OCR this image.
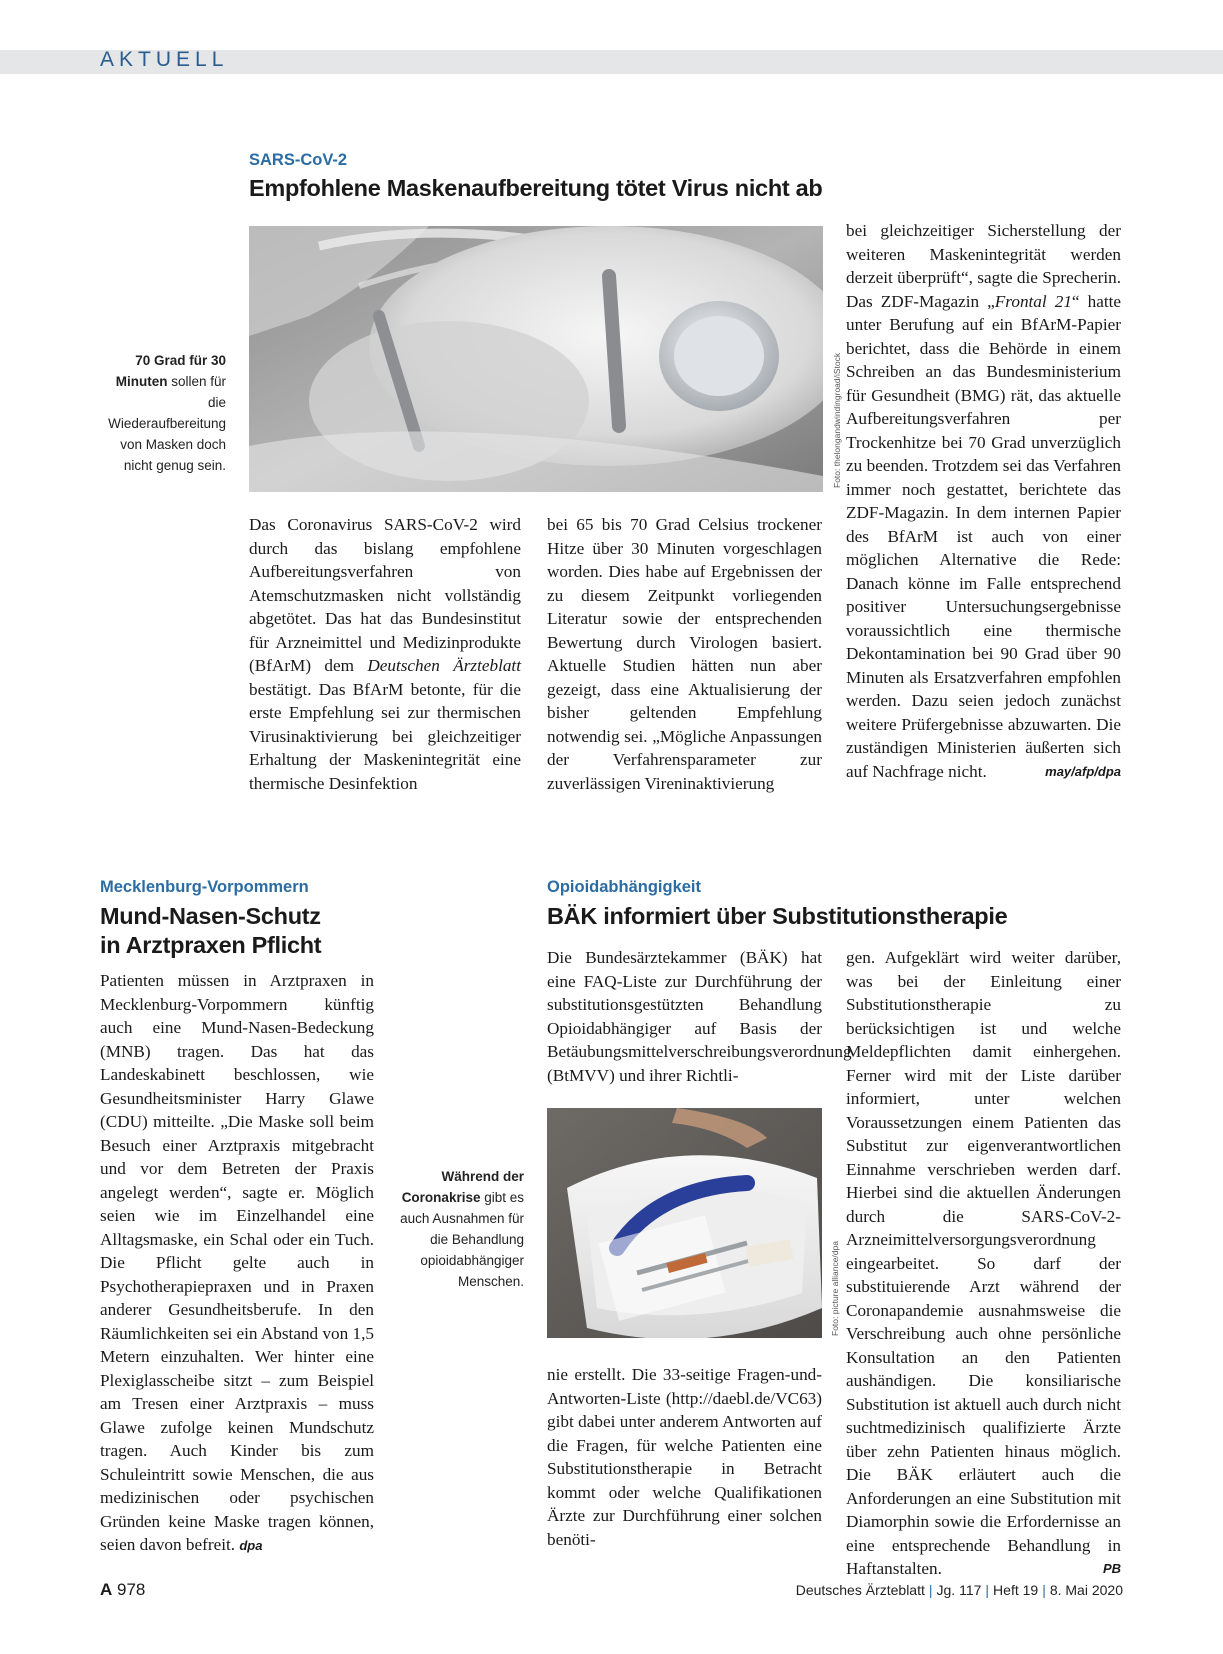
AKTUELL
SARS-CoV-2
Empfohlene Maskenaufbereitung tötet Virus nicht ab
70 Grad für 30 Minuten sollen für die Wiederaufbereitung von Masken doch nicht genug sein.	Foto: thelongandwindingroad/iStock
Das Coronavirus SARS-CoV-2 wird durch das bislang empfohlene Aufbereitungsverfahren von Atemschutzmasken nicht vollständig abgetötet. Das hat das Bundesinstitut für Arzneimittel und Medizinprodukte (BfArM) dem Deutschen Ärzteblatt bestätigt. Das BfArM betonte, für die erste Empfehlung sei zur thermischen Virusinaktivierung bei gleichzeitiger Erhaltung der Maskenintegrität eine thermische Desinfektion
bei 65 bis 70 Grad Celsius trockener Hitze über 30 Minuten vorgeschlagen worden. Dies habe auf Ergebnissen der zu diesem Zeitpunkt vorliegenden Literatur sowie der entsprechenden Bewertung durch Virologen basiert. Aktuelle Studien hätten nun aber gezeigt, dass eine Aktualisierung der bisher geltenden Empfehlung notwendig sei. „Mögliche Anpassungen der Verfahrensparameter zur zuverlässigen Vireninaktivierung
bei gleichzeitiger Sicherstellung der weiteren Maskenintegrität werden derzeit überprüft“, sagte die Sprecherin. Das ZDF-Magazin „Frontal 21“ hatte unter Berufung auf ein BfArM-Papier berichtet, dass die Behörde in einem Schreiben an das Bundesministerium für Gesundheit (BMG) rät, das aktuelle Aufbereitungsverfahren per Trockenhitze bei 70 Grad unverzüglich zu beenden. Trotzdem sei das Verfahren immer noch gestattet, berichtete das ZDF-Magazin. In dem internen Papier des BfArM ist auch von einer möglichen Alternative die Rede: Danach könne im Falle entsprechend positiver Untersuchungsergebnisse voraussichtlich eine thermische Dekontamination bei 90 Grad über 90 Minuten als Ersatzverfahren empfohlen werden. Dazu seien jedoch zunächst weitere Prüfergebnisse abzuwarten. Die zuständigen Ministerien äußerten sich auf Nachfrage nicht.	may/afp/dpa
Mecklenburg-Vorpommern
Mund-Nasen-Schutz
in Arztpraxen Pflicht
Patienten müssen in Arztpraxen in Mecklenburg-Vorpommern künftig auch eine Mund-Nasen-Bedeckung (MNB) tragen. Das hat das Landeskabinett beschlossen, wie Gesundheitsminister Harry Glawe (CDU) mitteilte. „Die Maske soll beim Besuch einer Arztpraxis mitgebracht und vor dem Betreten der Praxis angelegt werden“, sagte er. Möglich seien wie im Einzelhandel eine Alltagsmaske, ein Schal oder ein Tuch. Die Pflicht gelte auch in Psychotherapiepraxen und in Praxen anderer Gesundheitsberufe. In den Räumlichkeiten sei ein Abstand von 1,5 Metern einzuhalten. Wer hinter eine Plexiglasscheibe sitzt – zum Beispiel am Tresen einer Arztpraxis – muss Glawe zufolge keinen Mundschutz tragen. Auch Kinder bis zum Schuleintritt sowie Menschen, die aus medizinischen oder psychischen Gründen keine Maske tragen können, seien davon befreit. dpa
Opioidabhängigkeit
BÄK informiert über Substitutionstherapie
Während der Coronakrise gibt es auch Ausnahmen für die Behandlung opioidabhängiger Menschen.
Die Bundesärztekammer (BÄK) hat eine FAQ-Liste zur Durchführung der substitutionsgestützten Behandlung Opioidabhängiger auf Basis der Betäubungsmittelverschreibungsverordnung (BtMVV) und ihrer Richtli-
Foto: picture alliance/dpa
nie erstellt. Die 33-seitige Fragen-und-Antworten-Liste (http://daebl.de/VC63) gibt dabei unter anderem Antworten auf die Fragen, für welche Patienten eine Substitutionstherapie in Betracht kommt oder welche Qualifikationen Ärzte zur Durchführung einer solchen benöti-
gen. Aufgeklärt wird weiter darüber, was bei der Einleitung einer Substitutionstherapie zu berücksichtigen ist und welche Meldepflichten damit einhergehen. Ferner wird mit der Liste darüber informiert, unter welchen Voraussetzungen einem Patienten das Substitut zur eigenverantwortlichen Einnahme verschrieben werden darf. Hierbei sind die aktuellen Änderungen durch die SARS-CoV-2-Arzneimittelversorgungsverordnung eingearbeitet. So darf der substituierende Arzt während der Coronapandemie ausnahmsweise die Verschreibung auch ohne persönliche Konsultation an den Patienten aushändigen. Die konsiliarische Substitution ist aktuell auch durch nicht suchtmedizinisch qualifizierte Ärzte über zehn Patienten hinaus möglich. Die BÄK erläutert auch die Anforderungen an eine Substitution mit Diamorphin sowie die Erfordernisse an eine entsprechende Behandlung in Haftanstalten.	PB
A 978	Deutsches Ärzteblatt | Jg. 117 | Heft 19 | 8. Mai 2020
